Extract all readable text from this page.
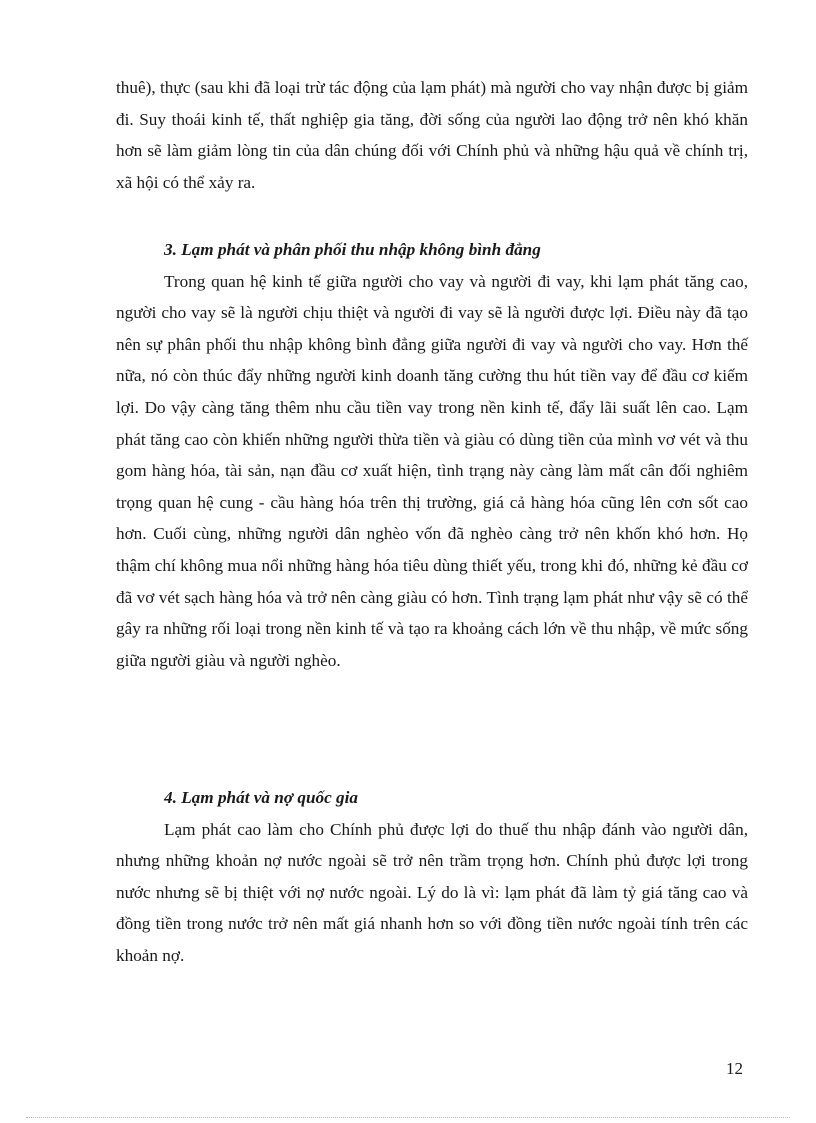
thuê), thực (sau khi đã loại trừ tác động của lạm phát) mà người cho vay nhận được bị giảm đi. Suy thoái kinh tế, thất nghiệp gia tăng, đời sống của người lao động trở nên khó khăn hơn sẽ làm giảm lòng tin của dân chúng đối với Chính phủ và những hậu quả về chính trị, xã hội có thể xảy ra.

3. Lạm phát và phân phối thu nhập không bình đẳng

Trong quan hệ kinh tế giữa người cho vay và người đi vay, khi lạm phát tăng cao, người cho vay sẽ là người chịu thiệt và người đi vay sẽ là người được lợi. Điều này đã tạo nên sự phân phối thu nhập không bình đẳng giữa người đi vay và người cho vay. Hơn thế nữa, nó còn thúc đẩy những người kinh doanh tăng cường thu hút tiền vay để đầu cơ kiếm lợi. Do vậy càng tăng thêm nhu cầu tiền vay trong nền kinh tế, đẩy lãi suất lên cao. Lạm phát tăng cao còn khiến những người thừa tiền và giàu có dùng tiền của mình vơ vét và thu gom hàng hóa, tài sản, nạn đầu cơ xuất hiện, tình trạng này càng làm mất cân đối nghiêm trọng quan hệ cung - cầu hàng hóa trên thị trường, giá cả hàng hóa cũng lên cơn sốt cao hơn. Cuối cùng, những người dân nghèo vốn đã nghèo càng trở nên khốn khó hơn. Họ thậm chí không mua nổi những hàng hóa tiêu dùng thiết yếu, trong khi đó, những kẻ đầu cơ đã vơ vét sạch hàng hóa và trở nên càng giàu có hơn. Tình trạng lạm phát như vậy sẽ có thể gây ra những rối loại trong nền kinh tế và tạo ra khoảng cách lớn về thu nhập, về mức sống giữa người giàu và người nghèo.

4. Lạm phát và nợ quốc gia

Lạm phát cao làm cho Chính phủ được lợi do thuế thu nhập đánh vào người dân, nhưng những khoản nợ nước ngoài sẽ trở nên trầm trọng hơn. Chính phủ được lợi trong nước nhưng sẽ bị thiệt với nợ nước ngoài. Lý do là vì: lạm phát đã làm tỷ giá tăng cao và đồng tiền trong nước trở nên mất giá nhanh hơn so với đồng tiền nước ngoài tính trên các khoản nợ.

12
